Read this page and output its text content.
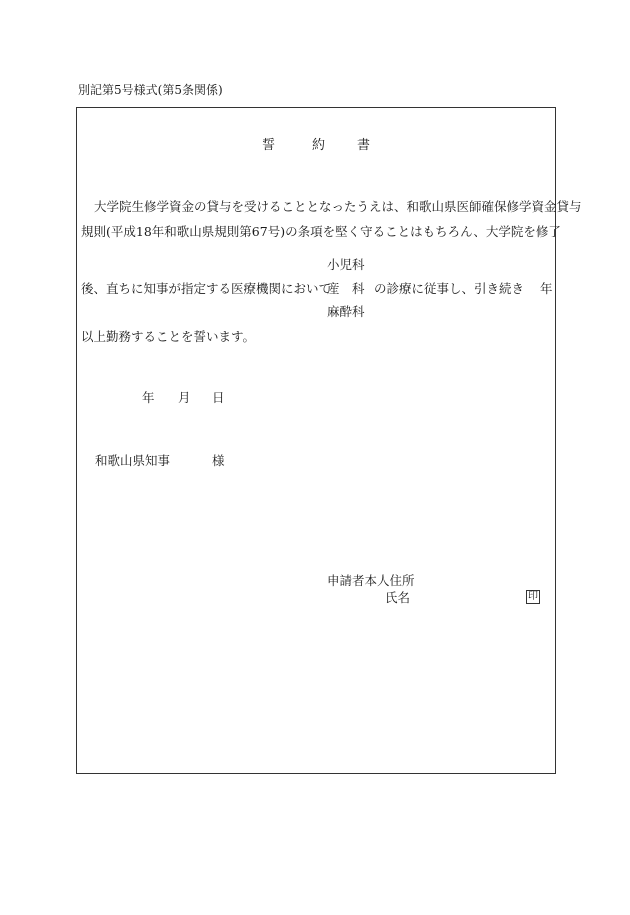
別記第5号様式(第5条関係)
誓	約 書
大学院生修学資金の貸与を受けることとなったうえは、和歌山県医師確保修学資金貸与
規則(平成18年和歌山県規則第67号)の条項を堅く守ることはもちろん、大学院を修了
小児科
後、直ちに知事が指定する医療機関において
産　科 の診療に従事し、引き続き 年
麻酔科
以上勤務することを誓います。
年 月 日
和歌山県知事	様
申請者本人住所
氏名	印
